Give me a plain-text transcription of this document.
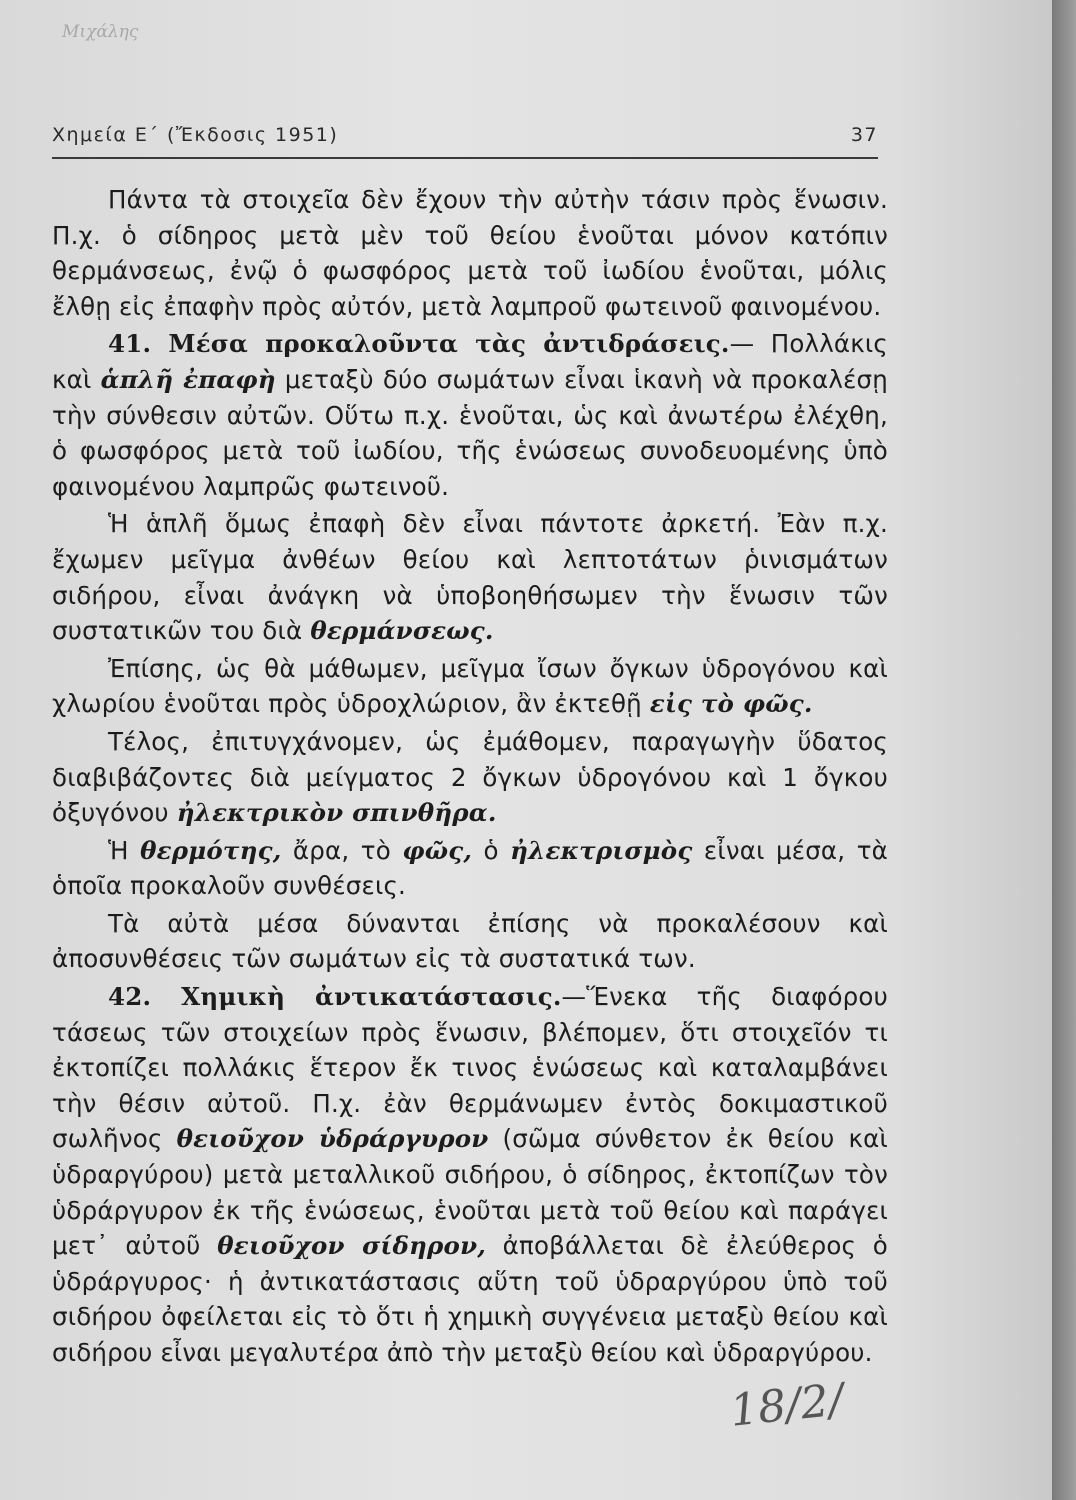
Μιχάλης
Χημεία Ε΄ (Ἔκδοσις 1951)	37

Πάντα τὰ στοιχεῖα δὲν ἔχουν τὴν αὐτὴν τάσιν πρὸς ἕνωσιν. Π.χ. ὁ σίδηρος μετὰ μὲν τοῦ θείου ἑνοῦται μόνον κατόπιν θερμάνσεως, ἐνῷ ὁ φωσφόρος μετὰ τοῦ ἰωδίου ἑνοῦται, μόλις ἔλθῃ εἰς ἐπαφὴν πρὸς αὐτόν, μετὰ λαμπροῦ φωτεινοῦ φαινομένου.

41. Μέσα προκαλοῦντα τὰς ἀντιδράσεις.— Πολλάκις καὶ ἁπλῆ ἐπαφὴ μεταξὺ δύο σωμάτων εἶναι ἱκανὴ νὰ προκαλέσῃ τὴν σύνθεσιν αὐτῶν. Οὕτω π.χ. ἑνοῦται, ὡς καὶ ἀνωτέρω ἐλέχθη, ὁ φωσφόρος μετὰ τοῦ ἰωδίου, τῆς ἑνώσεως συνοδευομένης ὑπὸ φαινομένου λαμπρῶς φωτεινοῦ.

Ἡ ἁπλῆ ὅμως ἐπαφὴ δὲν εἶναι πάντοτε ἀρκετή. Ἐὰν π.χ. ἔχωμεν μεῖγμα ἀνθέων θείου καὶ λεπτοτάτων ῥινισμάτων σιδήρου, εἶναι ἀνάγκη νὰ ὑποβοηθήσωμεν τὴν ἕνωσιν τῶν συστατικῶν του διὰ θερμάνσεως.

Ἐπίσης, ὡς θὰ μάθωμεν, μεῖγμα ἴσων ὄγκων ὑδρογόνου καὶ χλωρίου ἑνοῦται πρὸς ὑδροχλώριον, ἂν ἐκτεθῇ εἰς τὸ φῶς.

Τέλος, ἐπιτυγχάνομεν, ὡς ἐμάθομεν, παραγωγὴν ὕδατος διαβιβάζοντες διὰ μείγματος 2 ὄγκων ὑδρογόνου καὶ 1 ὄγκου ὀξυγόνου ἠλεκτρικὸν σπινθῆρα.

Ἡ θερμότης, ἄρα, τὸ φῶς, ὁ ἠλεκτρισμὸς εἶναι μέσα, τὰ ὁποῖα προκαλοῦν συνθέσεις.

Τὰ αὐτὰ μέσα δύνανται ἐπίσης νὰ προκαλέσουν καὶ ἀποσυνθέσεις τῶν σωμάτων εἰς τὰ συστατικά των.

42. Χημικὴ ἀντικατάστασις.—Ἕνεκα τῆς διαφόρου τάσεως τῶν στοιχείων πρὸς ἕνωσιν, βλέπομεν, ὅτι στοιχεῖόν τι ἐκτοπίζει πολλάκις ἕτερον ἔκ τινος ἑνώσεως καὶ καταλαμβάνει τὴν θέσιν αὐτοῦ. Π.χ. ἐὰν θερμάνωμεν ἐντὸς δοκιμαστικοῦ σωλῆνος θειοῦχον ὑδράργυρον (σῶμα σύνθετον ἐκ θείου καὶ ὑδραργύρου) μετὰ μεταλλικοῦ σιδήρου, ὁ σίδηρος, ἐκτοπίζων τὸν ὑδράργυρον ἐκ τῆς ἑνώσεως, ἑνοῦται μετὰ τοῦ θείου καὶ παράγει μετ᾿ αὐτοῦ θειοῦχον σίδηρον, ἀποβάλλεται δὲ ἐλεύθερος ὁ ὑδράργυρος· ἡ ἀντικατάστασις αὕτη τοῦ ὑδραργύρου ὑπὸ τοῦ σιδήρου ὀφείλεται εἰς τὸ ὅτι ἡ χημικὴ συγγένεια μεταξὺ θείου καὶ σιδήρου εἶναι μεγαλυτέρα ἀπὸ τὴν μεταξὺ θείου καὶ ὑδραργύρου.

18/2/
